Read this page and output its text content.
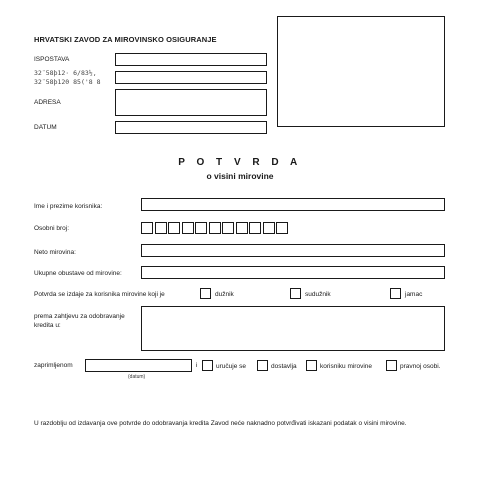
HRVATSKI ZAVOD ZA MIROVINSKO OSIGURANJE
ISPOSTAVA
32¨58þ12· 6/83½,
32¨58þ120 85('8 8
ADRESA
DATUM
P O T V R D A
o visini mirovine
Ime i prezime korisnika:
Osobni broj:
Neto mirovina:
Ukupne obustave od mirovine:
Potvrda se izdaje za korisnika mirovine koji je	dužnik	sudužnik	jamac
prema zahtjevu za odobravanje kredita u:
zaprimljenom
(datum)
i	uručuje se	dostavlja	korisniku mirovine	pravnoj osobi.
U razdoblju od izdavanja ove potvrde do odobravanja kredita Zavod neće naknadno potvrđivati iskazani podatak o visini mirovine.
